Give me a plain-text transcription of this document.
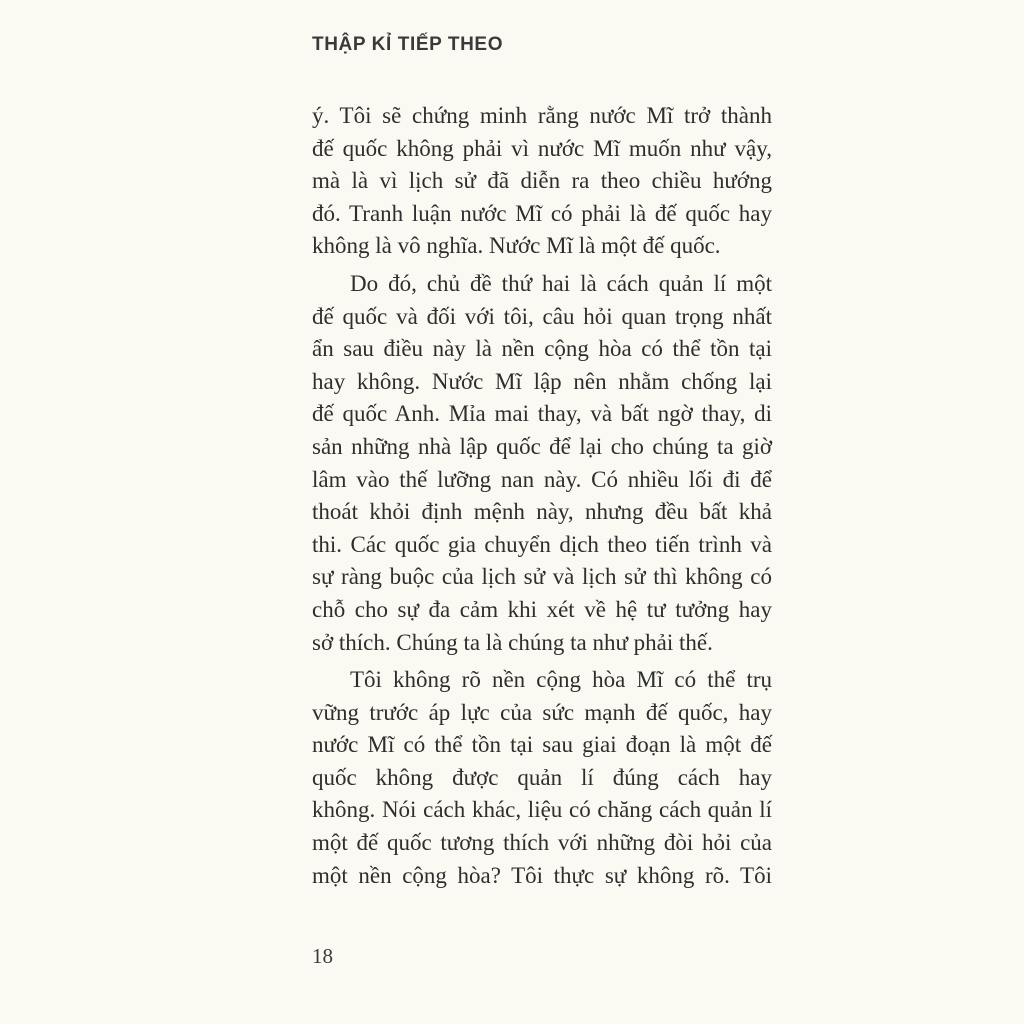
THẬP KỈ TIẾP THEO

ý. Tôi sẽ chứng minh rằng nước Mĩ trở thành
đế quốc không phải vì nước Mĩ muốn như vậy,
mà là vì lịch sử đã diễn ra theo chiều hướng
đó. Tranh luận nước Mĩ có phải là đế quốc hay
không là vô nghĩa. Nước Mĩ là một đế quốc.

Do đó, chủ đề thứ hai là cách quản lí một
đế quốc và đối với tôi, câu hỏi quan trọng nhất
ẩn sau điều này là nền cộng hòa có thể tồn tại
hay không. Nước Mĩ lập nên nhằm chống lại
đế quốc Anh. Mỉa mai thay, và bất ngờ thay, di
sản những nhà lập quốc để lại cho chúng ta giờ
lâm vào thế lưỡng nan này. Có nhiều lối đi để
thoát khỏi định mệnh này, nhưng đều bất khả
thi. Các quốc gia chuyển dịch theo tiến trình và
sự ràng buộc của lịch sử và lịch sử thì không có
chỗ cho sự đa cảm khi xét về hệ tư tưởng hay
sở thích. Chúng ta là chúng ta như phải thế.

Tôi không rõ nền cộng hòa Mĩ có thể trụ
vững trước áp lực của sức mạnh đế quốc, hay
nước Mĩ có thể tồn tại sau giai đoạn là một đế
quốc không được quản lí đúng cách hay
không. Nói cách khác, liệu có chăng cách quản lí
một đế quốc tương thích với những đòi hỏi của
một nền cộng hòa? Tôi thực sự không rõ. Tôi

18
